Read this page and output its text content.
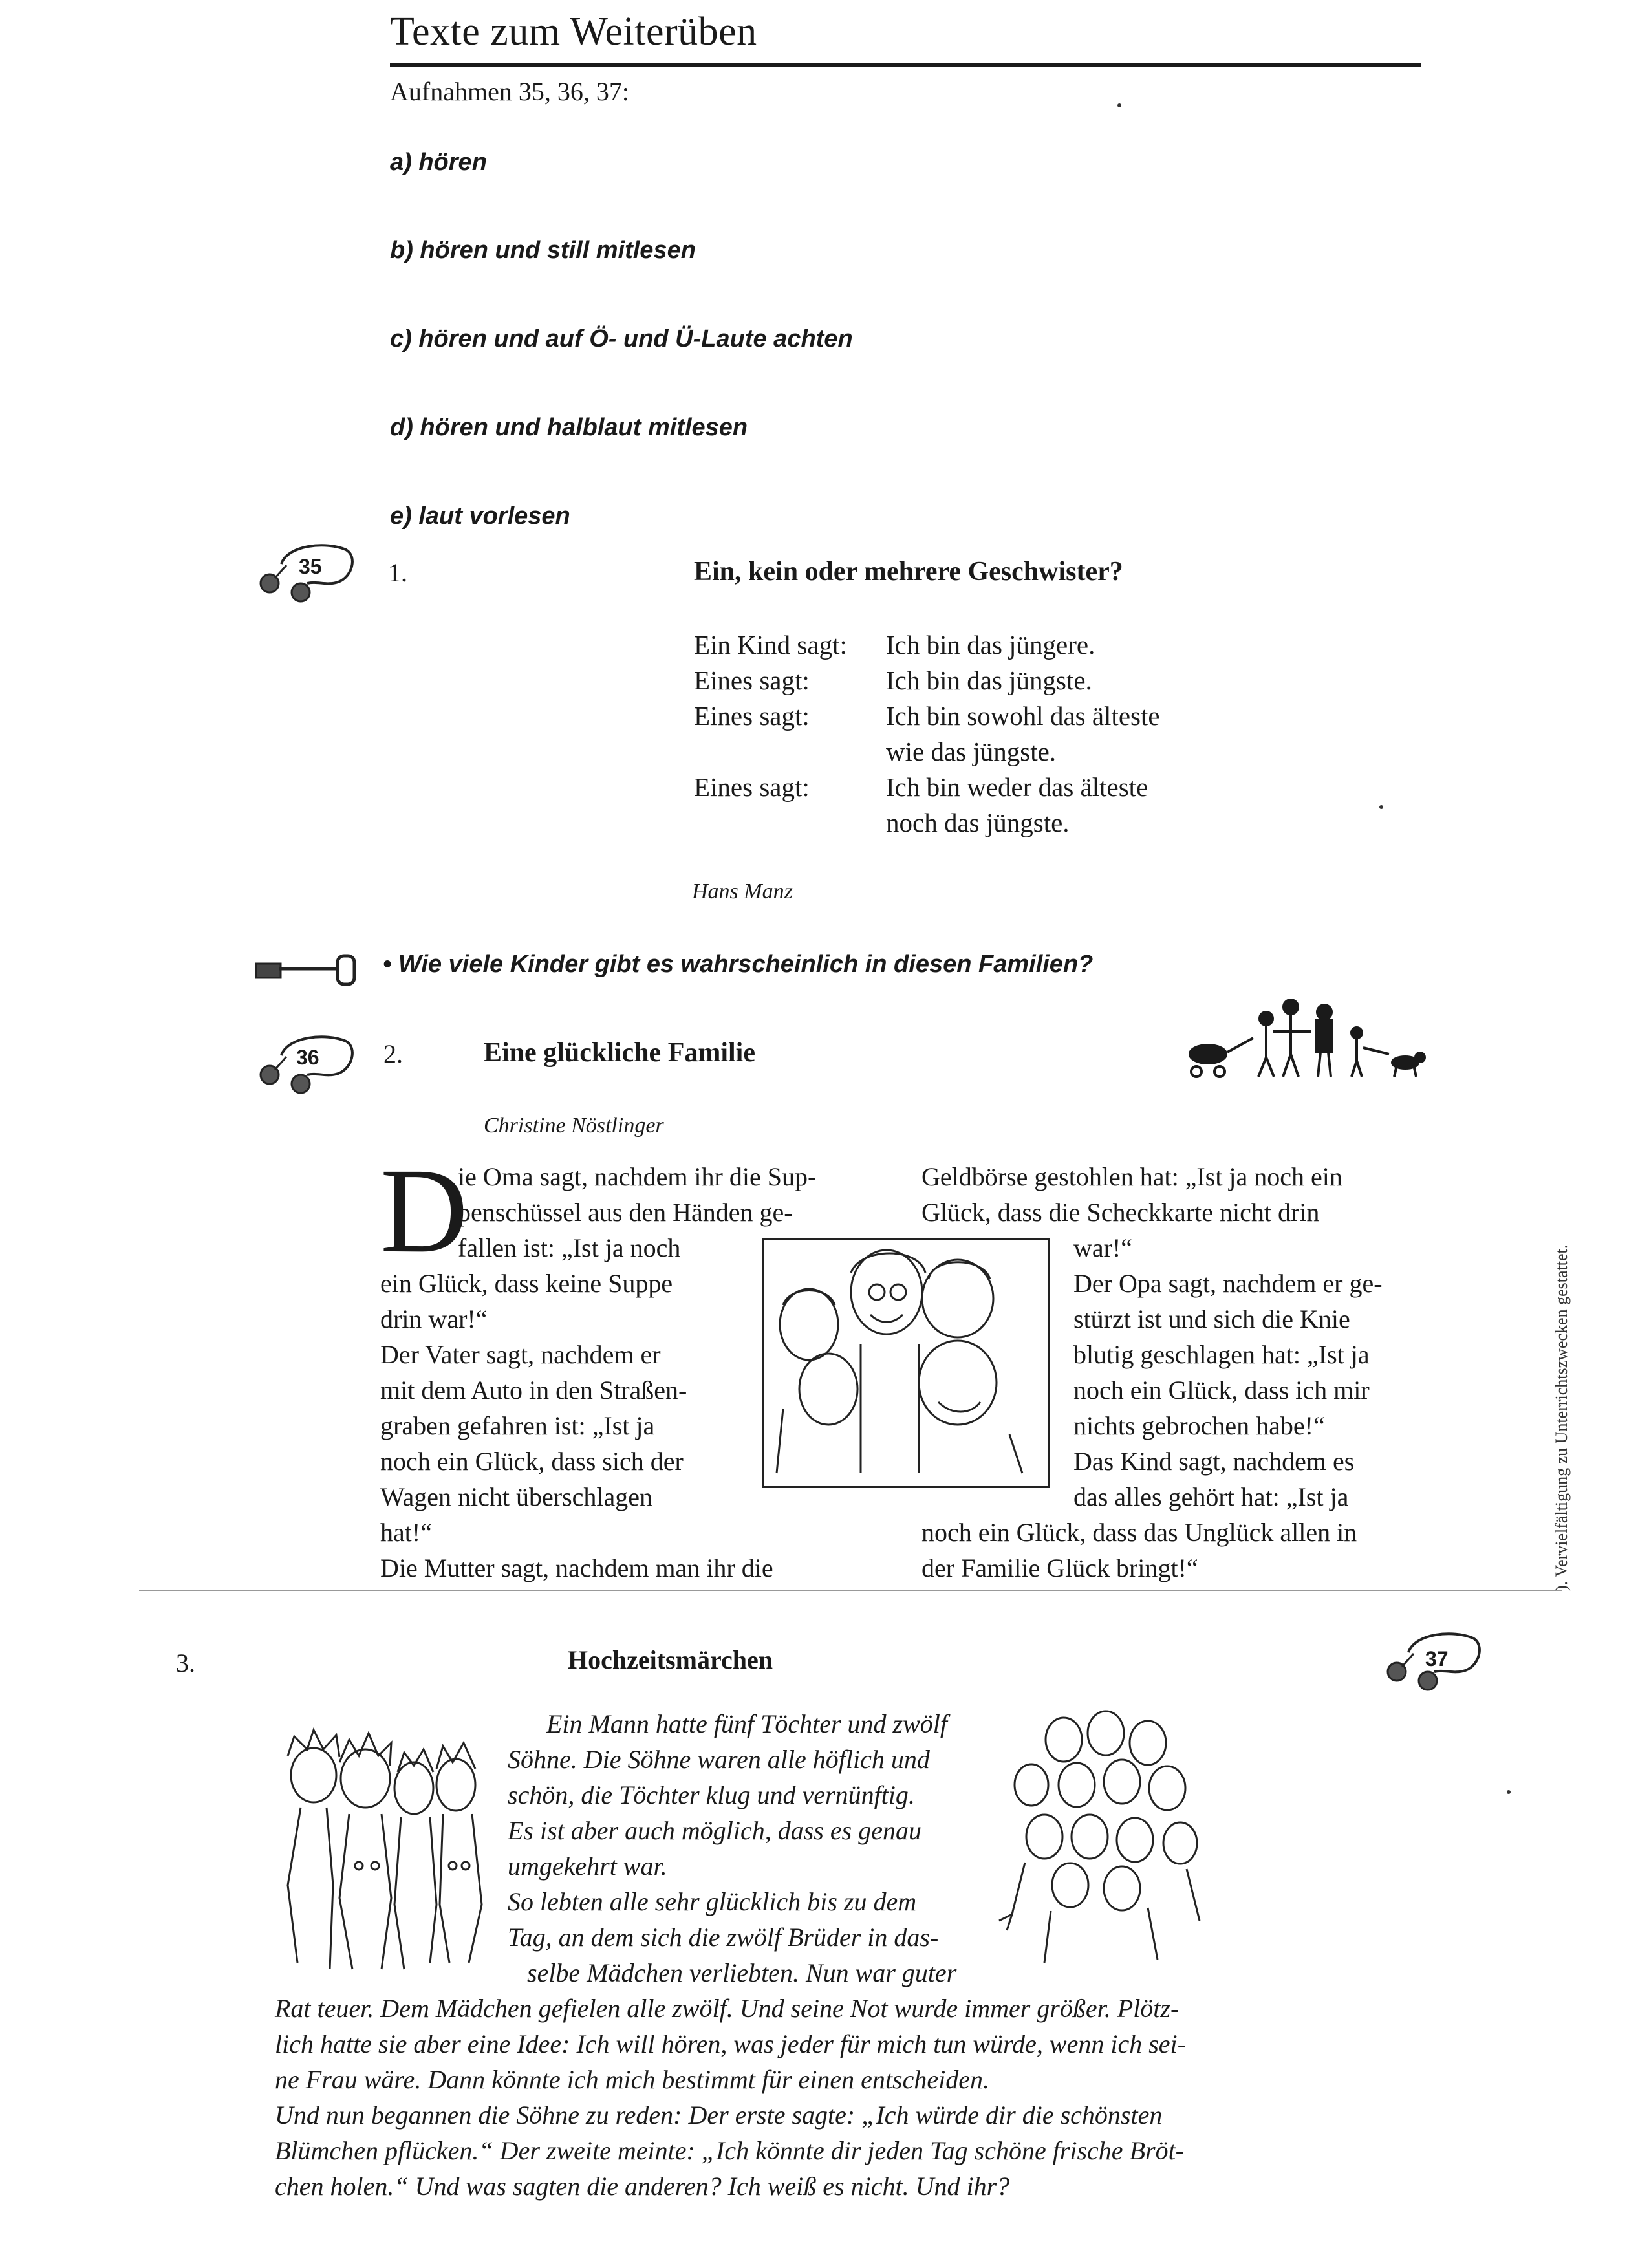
Texte zum Weiterüben
Aufnahmen 35, 36, 37:
a) hören
b) hören und still mitlesen
c) hören und auf Ö- und Ü-Laute achten
d) hören und halblaut mitlesen
e) laut vorlesen
35	1.	Ein, kein oder mehrere Geschwister?
Ein Kind sagt: Ich bin das jüngere.
Eines sagt:	Ich bin das jüngste.
Eines sagt:	Ich bin sowohl das älteste
wie das jüngste.
Eines sagt:	Ich bin weder das älteste
noch das jüngste.
Hans Manz
• Wie viele Kinder gibt es wahrscheinlich in diesen Familien?
36 2.	Eine glückliche Familie
Christine Nöstlinger
D
ie Oma sagt, nachdem ihr die Sup-
penschüssel aus den Händen ge-
fallen ist: „Ist ja noch
ein Glück, dass keine Suppe
drin war!“
Der Vater sagt, nachdem er
mit dem Auto in den Straßen-
graben gefahren ist: „Ist ja
noch ein Glück, dass sich der
Wagen nicht überschlagen
hat!“
Die Mutter sagt, nachdem man ihr die
Geldbörse gestohlen hat: „Ist ja noch ein
Glück, dass die Scheckkarte nicht drin
war!“
Der Opa sagt, nachdem er ge-
stürzt ist und sich die Knie
blutig geschlagen hat: „Ist ja
noch ein Glück, dass ich mir
nichts gebrochen habe!“
Das Kind sagt, nachdem es
das alles gehört hat: „Ist ja
noch ein Glück, dass das Unglück allen in
der Familie Glück bringt!“
3.	Hochzeitsmärchen	37
Ein Mann hatte fünf Töchter und zwölf
Söhne. Die Söhne waren alle höflich und
schön, die Töchter klug und vernünftig.
Es ist aber auch möglich, dass es genau
umgekehrt war.
So lebten alle sehr glücklich bis zu dem
Tag, an dem sich die zwölf Brüder in das-
selbe Mädchen verliebten. Nun war guter
Rat teuer. Dem Mädchen gefielen alle zwölf. Und seine Not wurde immer größer. Plötz-
lich hatte sie aber eine Idee: Ich will hören, was jeder für mich tun würde, wenn ich sei-
ne Frau wäre. Dann könnte ich mich bestimmt für einen entscheiden.
Und nun begannen die Söhne zu reden: Der erste sagte: „Ich würde dir die schönsten
Blümchen pflücken.“ Der zweite meinte: „Ich könnte dir jeden Tag schöne frische Bröt-
chen holen.“ Und was sagten die anderen? Ich weiß es nicht. Und ihr?
). Vervielfältigung zu Unterrichtszwecken gestattet.
